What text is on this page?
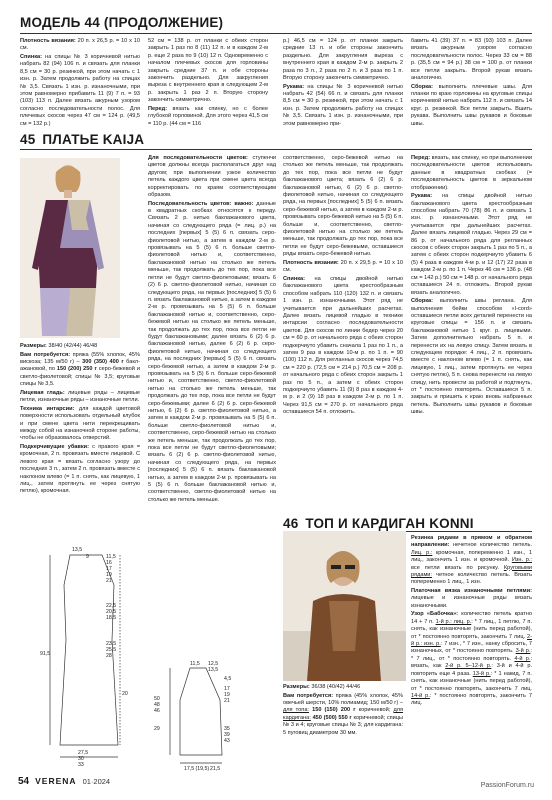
МОДЕЛЬ 44 (ПРОДОЛЖЕНИЕ)

Плотность вязания: 20 п. х 26,5 р. = 10 х 10 см.

Спинка: на спицы № 3 коричневой нитью набрать 82 (94) 106 п. и связать для планки 8,5 см = 30 р. резинкой, при этом начать с 1 изн. р. Затем продолжить работу на спицах № 3,5. Связать 1 изн. р. изнаночными, при этом равномерно прибавить 11 (9) 7 п. = 93 (103) 113 п. Далее вязать ажурным узором согласно последовательности полос. Для плечевых скосов через 47 см = 124 р. (49,5 см = 132 р.)

52 см = 138 р. от планки с обеих сторон закрыть 1 раз по 8 (11) 12 п. и в каждом 2-м р. еще 2 раза по 9 (10) 12 п. Одновременно с началом плечевых скосов для горловины закрыть средние 37 п. и обе стороны закончить раздельно. Для закругления выреза с внутреннего края в следующем 2-м р. закрыть 1 раз 2 п. Вторую сторону закончить симметрично.

Перед: вязать как спинку, но с более глубокой горловиной. Для этого через 41,5 см = 110 р. (44 см = 116

р.) 46,5 см = 124 р. от планки закрыть средние 13 п. и обе стороны закончить раздельно. Для закругления выреза с внутреннего края в каждом 2-м р. закрыть 2 раза по 3 п., 2 раза по 2 п. и 3 раза по 1 п. Вторую сторону закончить симметрично.

Рукава: на спицы № 3 коричневой нитью набрать 42 (54) 66 п. и связать для планки 8,5 см = 30 р. резинкой, при этом начать с 1 изн. р. Затем продолжить работу на спицах № 3,5. Связать 1 изн. р. изнаночными, при этом равномерно при-

бавить 41 (39) 37 п. = 83 (93) 103 п. Далее вязать ажурным узором согласно последовательности полос. Через 33 см = 88 р. (35,5 см = 94 р.) 38 см = 100 р. от планки все петли закрыть. Второй рукав вязать аналогично.

Сборка: выполнить плечевые швы. Для планки по краю горловины на круговые спицы коричневой нитью набрать 112 п. и связать 14 круг. р. резинкой. Все петли закрыть. Вшить рукава. Выполнить швы рукавов и боковые швы.

45 ПЛАТЬЕ KAIJA

Размеры: 38/40 (42/44) 46/48

Вам потребуется: пряжа (55% хлопок, 45% вискоза; 135 м/50 г) – 300 (350) 400 г баклажановой, по 150 (200) 250 г серо-бежевой и светло-фиолетовой; спицы № 3,5; круговые спицы № 3,5.

Лицевая гладь: лицевые ряды – лицевые петли, изнаночные ряды – изнаночные петли.

Техника интарсии: для каждой цветовой поверхности использовать отдельный клубок и при смене цвета нити перекрещивать между собой на изнаночной стороне работы, чтобы не образовалось отверстий.

Подкерчивущие убавки: с правого края = кромочная, 2 п. провязать вместе лицевой. С левого края = вязать согласно узору до последних 3 п., затем 2 п. провязать вместе с наклоном влево (= 1 п. снять, как лицевую, 1 лиц., затем протянуть ее через снятую петлю), кромочная.

Для последовательности цветов: ступенчи цветов должны всегда располагаться друг над другом; при выполнении узкое количество петель каждого цвета при смене цвета всегда корректировать по краям соответствующим образом.

Последовательность цветов: важно: данные в квадратных скобках относятся к переду. Связать 2 р. нитью баклажанового цвета, начиная со следующего ряда (= лиц. р.) на последних [первых] 5 (5) 6 п. связать серо-фиолетовой нитью, а затем в каждом 2-м р. провязывать на 5 (5) 6 п. больше светло-фиолетовой нитью и, соответственно, баклажановой нитью на столько же петель меньше, так продолжать до тех пор, пока все петли не будут светло-фиолетовыми; вязать 6 (2) 6 р. светло-фиолетовой нитью, начиная со следующего ряда, на первых [последних] 5 (5) 6 п. вязать баклажановой нитью, а затем в каждом 2-м р. провязывать на 5 (5) 6 п. больше баклажановой нитью и, соответственно, серо-бежевой нитью на столько же петель меньше, так продолжать до тех пор, пока все петли не будут баклажановыми; далее вязать 6 (2) 6 р. баклажановой нитью, далее 6 (2) 6 р. серо-фиолетовой нитью, начиная со следующего ряда, на последних [первых] 5 (5) 6 п. связать серо-бежевой нитью, а затем в каждом 2-м р. провязывать на 5 (5) 6 п. больше серо-бежевой нитью и, соответственно, светло-фиолетовой нитью на столько же петель меньше, так продолжать до тех пор, пока все петли не будут серо-бежевыми; далее 6 (2) 6 р. серо-бежевой нитью, 6 (2) 6 р. светло-фиолетовой нитью, а затем в каждом 2-м р. провязывать на 5 (5) 6 п. больше светло-фиолетовой нитью и, соответственно, серо-бежевой нитью на столько же петель меньше, так продолжать до тех пор, пока все петли не будут светло-фиолетовыми; вязать 6 (2) 6 р. светло-фиолетовой нитью, начиная со следующего ряда, на первых [последних] 5 (5) 6 п. вязать баклажановой нитью, а затем в каждом 2-м р. провязывать на 5 (5) 6 п. больше баклажановой нитью и, соответственно, светло-фиолетовой нитью на столько же петель меньше.

соответственно, серо-бежевой нитью на столько же петель меньше, так продолжать до тех пор, пока все петли не будут баклажанового цвета; вязать 6 (2) 6 р. баклажановой нитью, 6 (2) 6 р. светло-фиолетовой нитью, начиная со следующего ряда, на первых [последних] 5 (5) 6 п. вязать серо-бежевой нитью, а затем в каждом 2-м р. провязывать серо-бежевой нитью на 5 (5) 6 п. больше и, соответственно, светло-фиолетовой нитью на столько же петель меньше, так продолжать до тех пор, пока все петли не будут серо-бежевыми, оставшиеся ряды вязать серо-бежевой нитью.

Плотность вязания: 20 п. х 29,5 р. = 10 х 10 см.

Спинка: на спицы двойной нитью баклажанового цвета крестообразным способом набрать 110 (120) 132 п. и связать 1 изн. р. изнаночными. Этот ряд не учитывается при дальнейших расчетах. Далее вязать лицевой гладью в технике интарсии согласно последовательности цветов. Для скосов по линии бедер через 20 см = 60 р. от начального ряда с обеих сторон подкерчиуто убавить сначала 1 раз по 1 п., а затем 9 раз в каждом 10-м р. по 1 п. = 90 (100) 112 п. Для регланных скосов через 74,5 см = 220 р. (72,5 см = 214 р.) 70,5 см = 208 р. от начального ряда с обеих сторон закрыть 1 раз по 5 п., а затем с обеих сторон подкерчиуто убавить 11 (9) 8 раз в каждом 4-м р. и 2 (9) 18 раз в каждом 2-м р. по 1 п. Через 91,5 см = 270 р. от начального ряда оставшиеся 54 п. отложить.

Перед: вязать, как спинку, но при выполнении последовательности цветов использовать данные в квадратных скобках (= последовательность цветов в зеркальном отображении).

Рукава: на спицы двойной нитью баклажанового цвета крестообразным способом набрать 70 (78) 86 п. и связать 1 изн. р. изнаночными. Этот ряд не учитывается при дальнейших расчетах. Далее вязать лицевой гладью. Через 29 см = 86 р. от начального ряда для регланных скосов с обеих сторон закрыть 1 раз по 5 п., а затем с обеих сторон подкерчиуто убавить 6 (5) 4 раза в каждом 4-м р. и 12 (17) 22 раза в каждом 2-м р. по 1 п. Через 46 см = 136 р. (48 см = 142 р.) 50 см = 148 р. от начального ряда оставшиеся 24 п. отложить. Второй рукав вязать аналогично.

Сборка: выполнить швы реглана. Для выполнения бейки способом «I-cord» оставшиеся петли всех деталей перенести на круговые спицы = 156 п. и связать баклажановой нитью 1 круг. р. лицевыми. Затем дополнительно набрать 5 п. и перенести их на левую спицу. Затем вязать в следующем порядке: 4 лиц., 2 п. провязать вместе с наклоном влево (= 1 п. снять, как лицевую, 1 лиц., затем протянуть ее через снятую петлю), 5 п. снова перенести на левую спицу, нить провести за работой и подтянуть, от * постоянно повторять. Оставшиеся 5 п. закрыть и пришить к краю вновь набранных петель. Выполнить швы рукавов и боковые швы.

13,5
9	11,5
16
17
19
21
22,5
20,5
18,5
23,5
25,5
28
91,5
20
27,5
30
33
11,5 12,5
13,5
4,5
17
19
21
50
48
46
29	35
39
43
17,5 (19,5) 21,5
46 ТОП И КАРДИГАН KONNI

Размеры: 36/38 (40/42) 44/46

Вам потребуется: пряжа (45% хлопок, 45% овечьей шерсти, 10% полиамид; 150 м/50 г) – для топа: 150 (150) 200 г коричневой; для кардигана: 450 (500) 550 г коричневой; спицы № 3 и 4; круговые спицы № 3; для кардигана: 5 пуговиц диаметром 30 мм.

Резинка рядами в прямом и обратном направлении: нечетное количество петель. Лиц. р.: кромочная, попеременно 1 изн., 1 лиц., закончить 1 изн. и кромочной. Изн. р.: все петли вязать по рисунку. Круговыми рядами: четное количество петель. Вязать попеременно 1 лиц., 1 изн.

Платочная вязка изнаночными петлями: лицевые и изнаночные ряды вязать изнаночными.

Узор «Бабочка»: количество петель кратно 14 + 7 п. 1-й р.: лиц. р.: * 7 лиц., 1 петлю, 7 п. снять, как изнаночные (нить перед работой), от * постоянно повторять, закончить 7 лиц. 2-й р.: изн. р.: 7 изн., * 7 изн., нанку сбросить, 7 изнаночных, от * постоянно повторять. 3-й р.: * 7 лиц., от * постоянно повторять. 4-й р.: вязать, как 2-й р. 5–12-й р.: 3-й и 4-й р. повторить еще 4 раза. 13-й р.: * 1 накид, 7 п. снять, как изнаночные (нить перед работой), от * постоянно повторять, закончить 7 лиц. 14-й р.: * постоянно повторять, закончить 7 лиц.

54 VERENA 01·2024	PassionForum.ru
